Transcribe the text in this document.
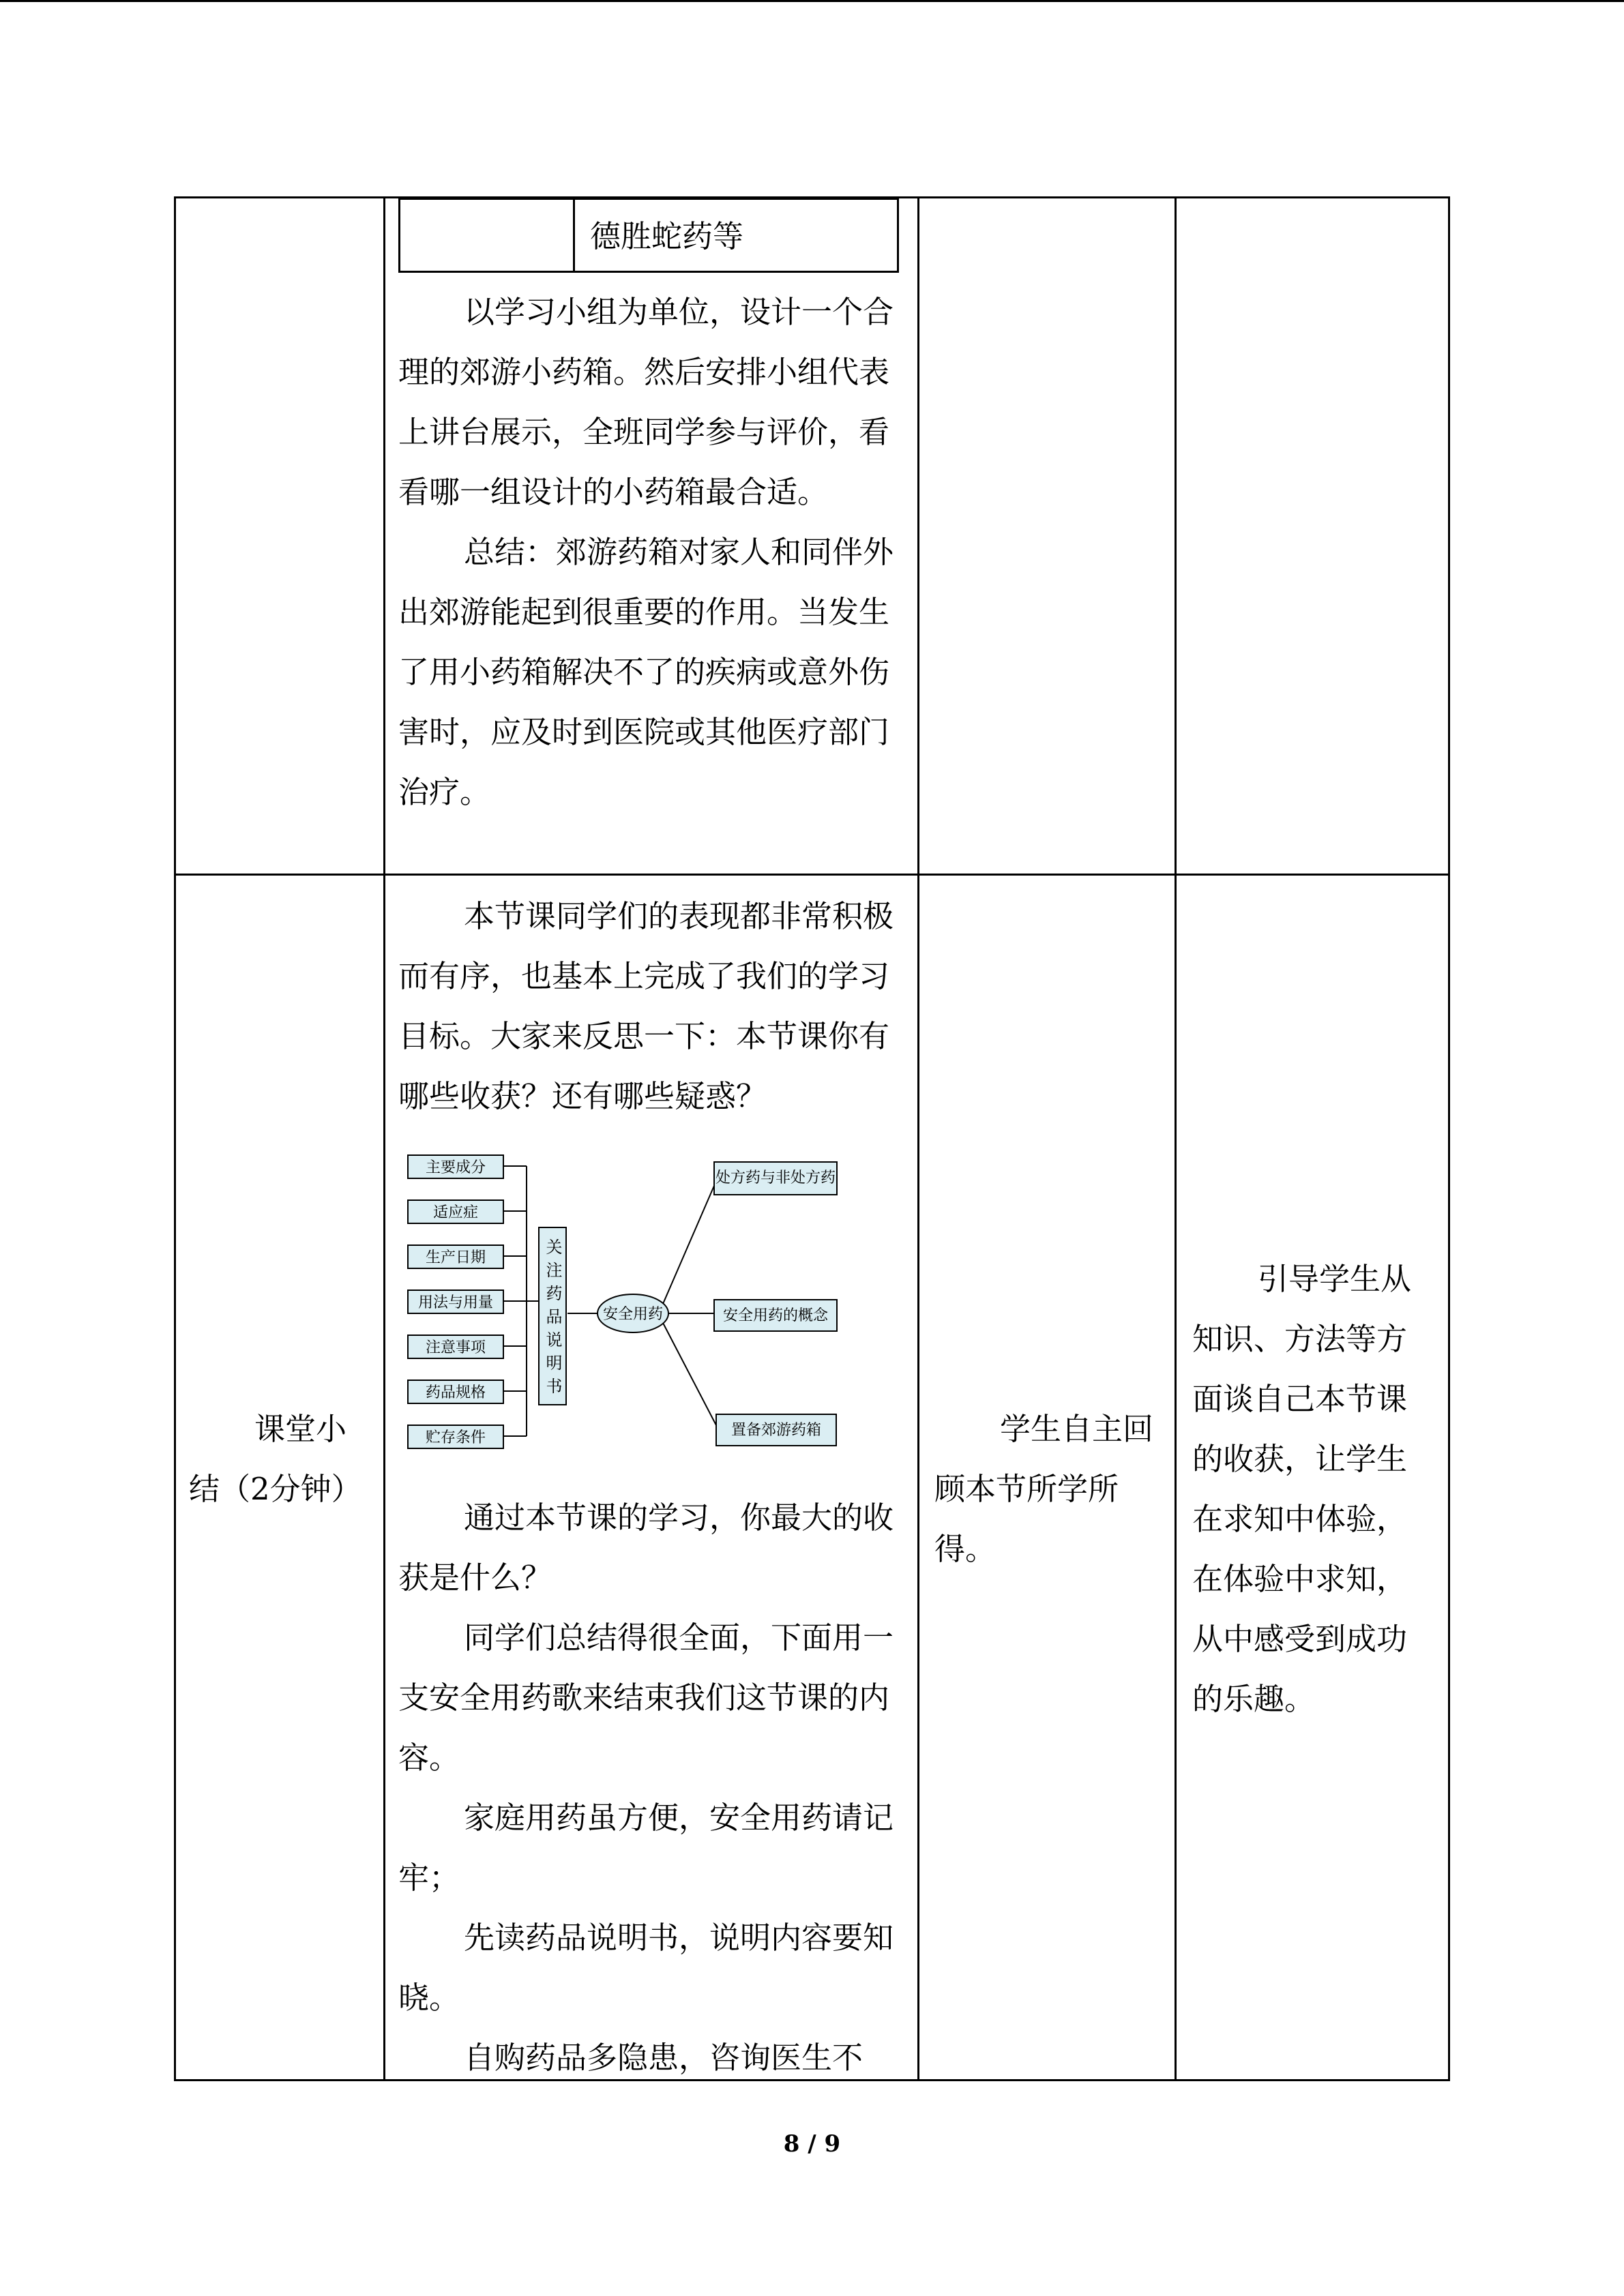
德胜蛇药等

以学习小组为单位，设计一个合理的郊游小药箱。然后安排小组代表上讲台展示，全班同学参与评价，看看哪一组设计的小药箱最合适。

总结：郊游药箱对家人和同伴外出郊游能起到很重要的作用。当发生了用小药箱解决不了的疾病或意外伤害时，应及时到医院或其他医疗部门治疗。

本节课同学们的表现都非常积极而有序，也基本上完成了我们的学习目标。大家来反思一下：本节课你有哪些收获？还有哪些疑惑？

主要成分
适应症
生产日期
用法与用量
注意事项
药品规格
贮存条件
关注药品说明书	安全用药
处方药与非处方药
安全用药的概念
置备郊游药箱

通过本节课的学习，你最大的收获是什么？

同学们总结得很全面，下面用一支安全用药歌来结束我们这节课的内容。

家庭用药虽方便，安全用药请记牢；

先读药品说明书，说明内容要知晓。

自购药品多隐患，咨询医生不

课堂小结（2分钟）
学生自主回顾本节所学所得。
引导学生从知识、方法等方面谈自己本节课的收获，让学生在求知中体验，在体验中求知，从中感受到成功的乐趣。
8 / 9
